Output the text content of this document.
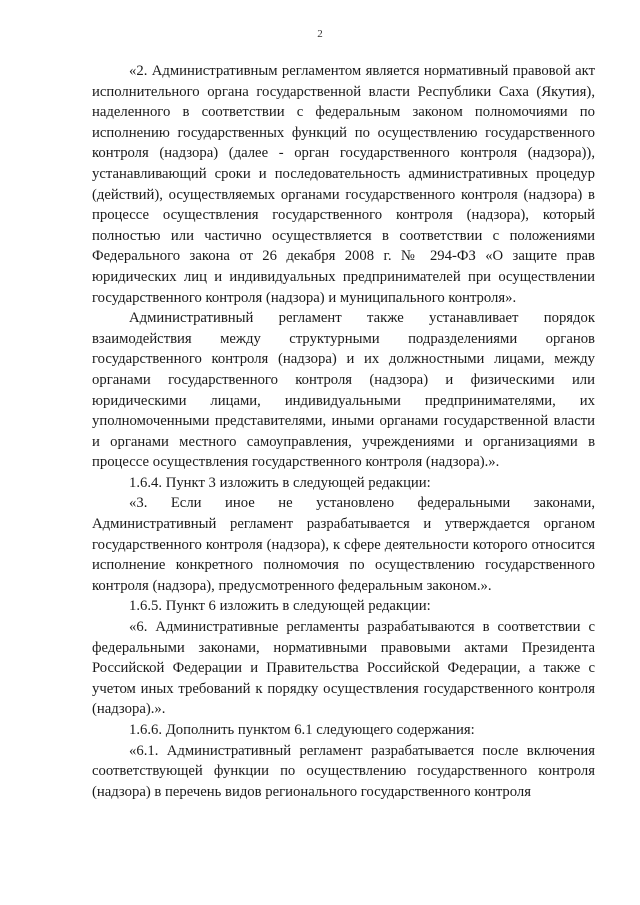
2

«2. Административным регламентом является нормативный правовой акт исполнительного органа государственной власти Республики Саха (Якутия), наделенного в соответствии с федеральным законом полномочиями по исполнению государственных функций по осуществлению государственного контроля (надзора) (далее - орган государственного контроля (надзора)), устанавливающий сроки и последовательность административных процедур (действий), осуществляемых органами государственного контроля (надзора) в процессе осуществления государственного контроля (надзора), который полностью или частично осуществляется в соответствии с положениями Федерального закона от 26 декабря 2008 г. № 294-ФЗ «О защите прав юридических лиц и индивидуальных предпринимателей при осуществлении государственного контроля (надзора) и муниципального контроля».

Административный регламент также устанавливает порядок взаимодействия между структурными подразделениями органов государственного контроля (надзора) и их должностными лицами, между органами государственного контроля (надзора) и физическими или юридическими лицами, индивидуальными предпринимателями, их уполномоченными представителями, иными органами государственной власти и органами местного самоуправления, учреждениями и организациями в процессе осуществления государственного контроля (надзора).».

1.6.4. Пункт 3 изложить в следующей редакции:

«3. Если иное не установлено федеральными законами, Административный регламент разрабатывается и утверждается органом государственного контроля (надзора), к сфере деятельности которого относится исполнение конкретного полномочия по осуществлению государственного контроля (надзора), предусмотренного федеральным законом.».

1.6.5. Пункт 6 изложить в следующей редакции:

«6. Административные регламенты разрабатываются в соответствии с федеральными законами, нормативными правовыми актами Президента Российской Федерации и Правительства Российской Федерации, а также с учетом иных требований к порядку осуществления государственного контроля (надзора).».

1.6.6. Дополнить пунктом 6.1 следующего содержания:

«6.1. Административный регламент разрабатывается после включения соответствующей функции по осуществлению государственного контроля (надзора) в перечень видов регионального государственного контроля
